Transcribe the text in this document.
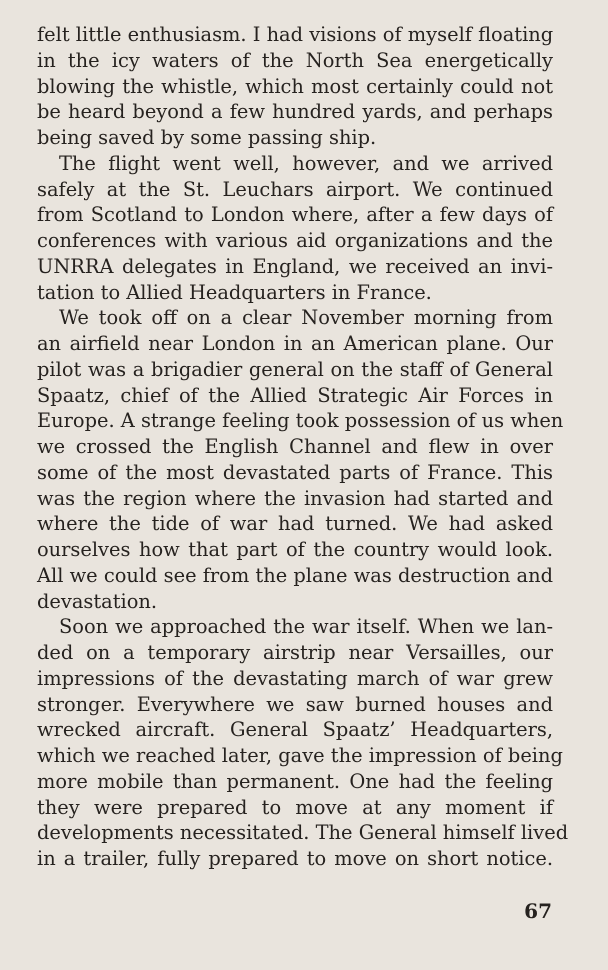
felt little enthusiasm. I had visions of myself floating
in the icy waters of the North Sea energetically
blowing the whistle, which most certainly could not
be heard beyond a few hundred yards, and perhaps
being saved by some passing ship.
The flight went well, however, and we arrived
safely at the St. Leuchars airport. We continued
from Scotland to London where, after a few days of
conferences with various aid organizations and the
UNRRA delegates in England, we received an invi-
tation to Allied Headquarters in France.
We took off on a clear November morning from
an airfield near London in an American plane. Our
pilot was a brigadier general on the staff of General
Spaatz, chief of the Allied Strategic Air Forces in
Europe. A strange feeling took possession of us when
we crossed the English Channel and flew in over
some of the most devastated parts of France. This
was the region where the invasion had started and
where the tide of war had turned. We had asked
ourselves how that part of the country would look.
All we could see from the plane was destruction and
devastation.
Soon we approached the war itself. When we lan-
ded on a temporary airstrip near Versailles, our
impressions of the devastating march of war grew
stronger. Everywhere we saw burned houses and
wrecked aircraft. General Spaatz’ Headquarters,
which we reached later, gave the impression of being
more mobile than permanent. One had the feeling
they were prepared to move at any moment if
developments necessitated. The General himself lived
in a trailer, fully prepared to move on short notice.
67
